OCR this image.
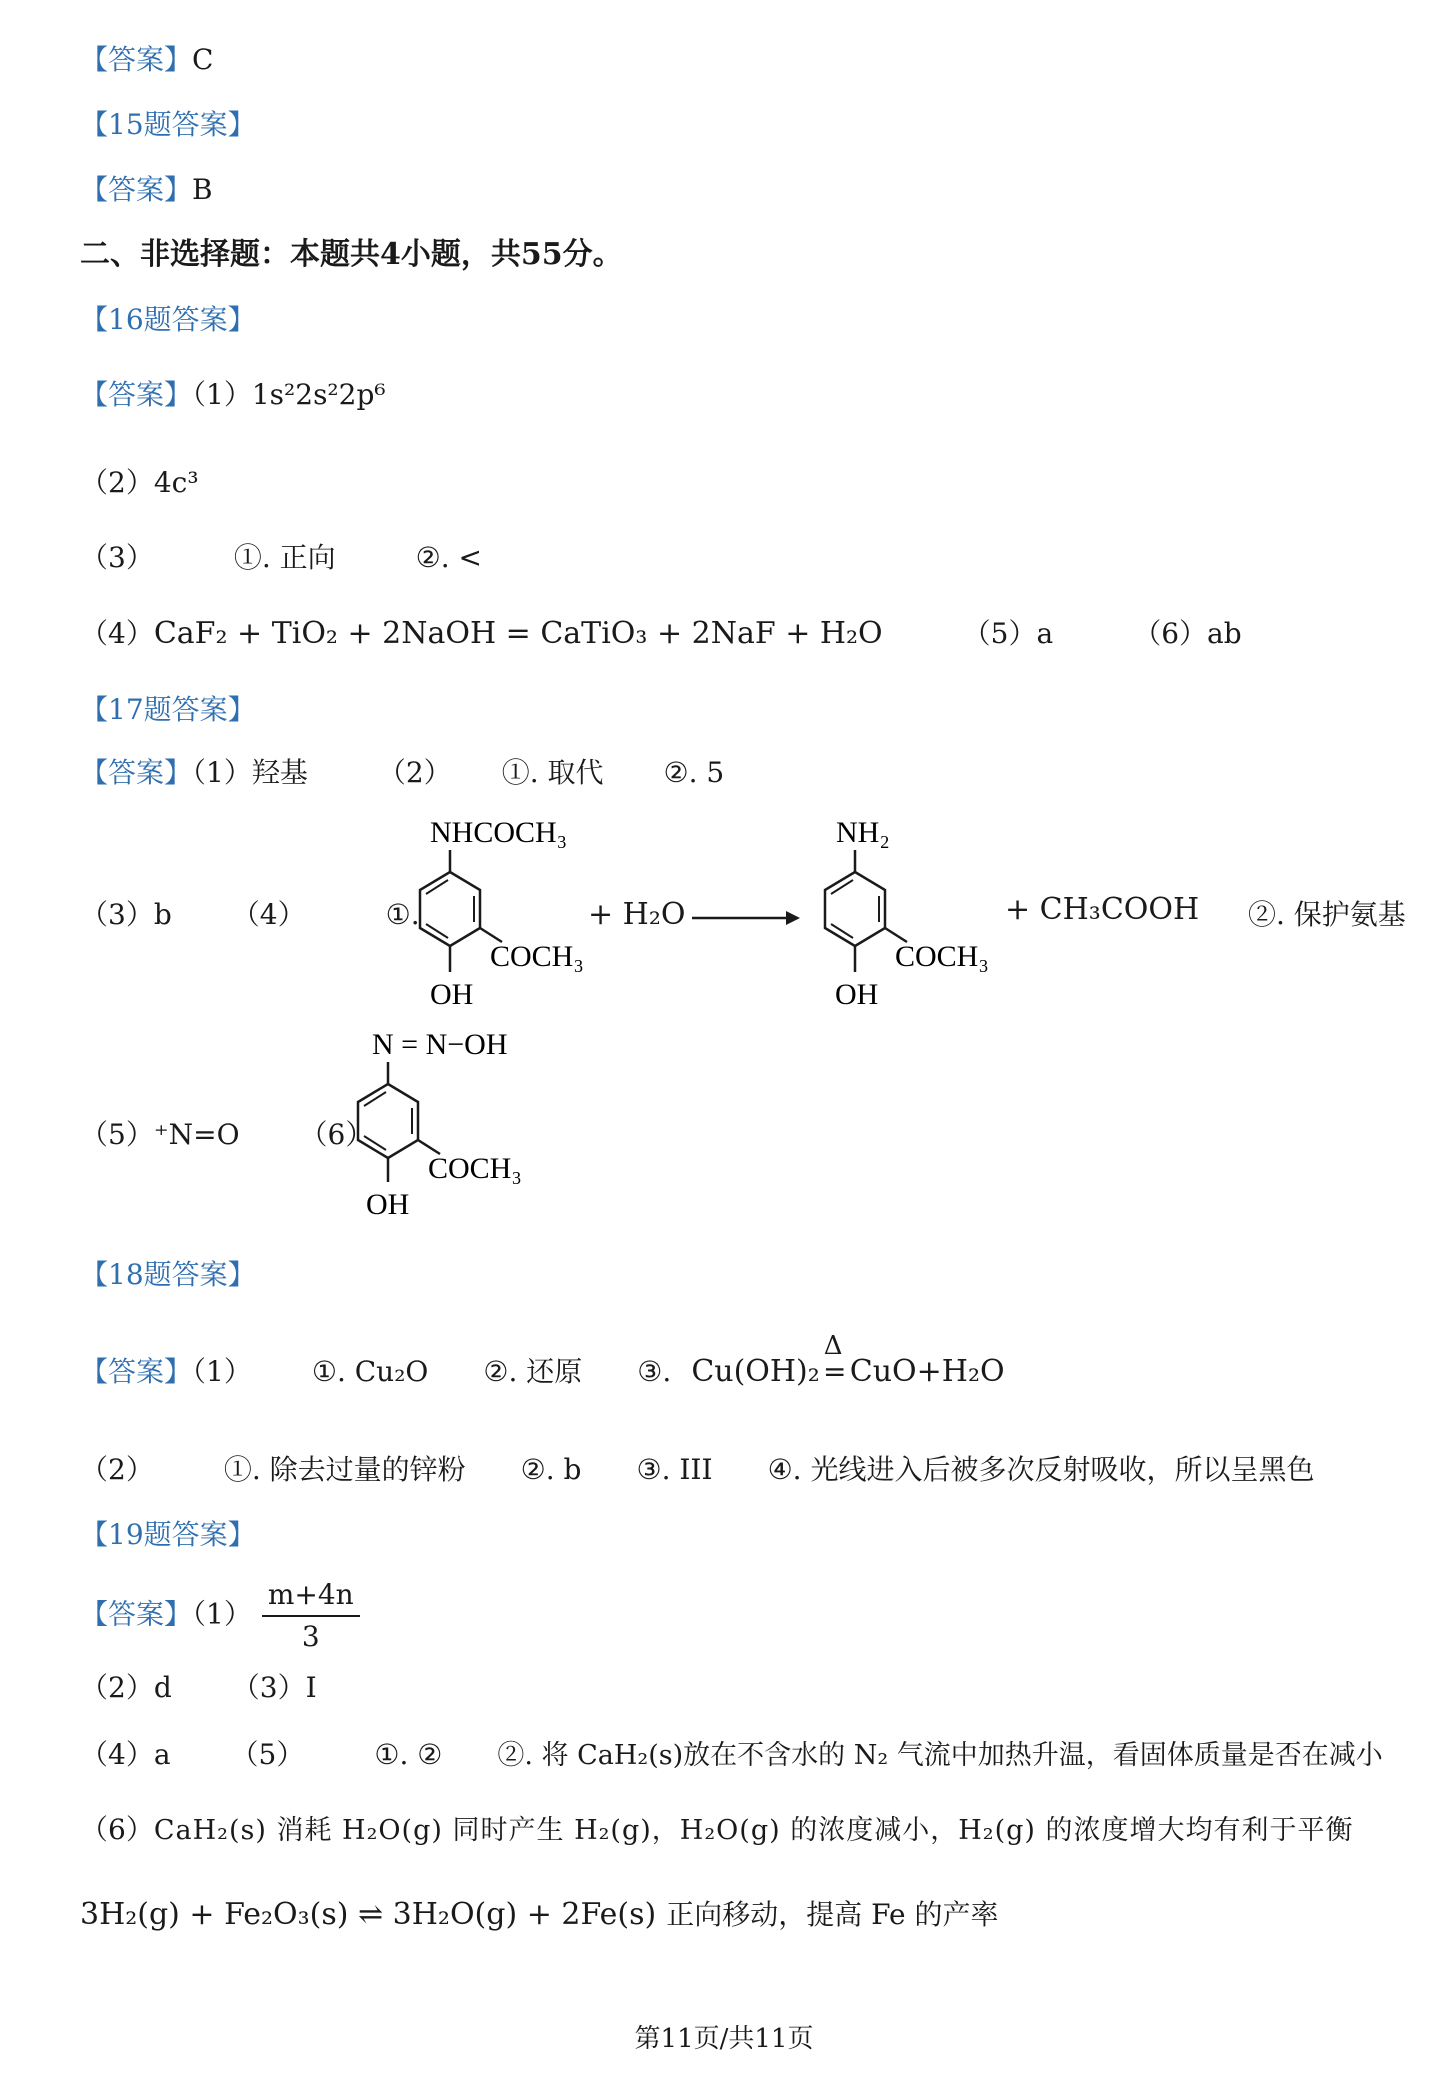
【答案】C
【15题答案】
【答案】B
二、非选择题：本题共4小题，共55分。
【16题答案】
【答案】（1）1s²2s²2p⁶
（2）4c³
（3）	①. 正向	②. <
（4）CaF₂ + TiO₂ + 2NaOH = CaTiO₃ + 2NaF + H₂O	（5）a	（6）ab
【17题答案】
【答案】（1）羟基	（2） ①. 取代 ②. 5
（3）b （4）	①.
NHCOCH₃
COCH₃
OH
+ H₂O
NH₂
COCH₃
OH
+ CH₃COOH ②. 保护氨基
（5）⁺N=O （6）
N = N−OH
COCH₃
OH
【18题答案】
【答案】（1） ①. Cu₂O ②. 还原 ③. Cu(OH)₂
Δ
= CuO+H₂O
（2）	①. 除去过量的锌粉 ②. b ③. III ④. 光线进入后被多次反射吸收，所以呈黑色
【19题答案】
【答案】$(1) \frac{m+4n}{3}$
（2）d （3）I
（4）a （5）	①. ② ②. 将 CaH₂(s)放在不含水的 N₂ 气流中加热升温，看固体质量是否在减小
（6）CaH₂(s) 消耗 H₂O(g) 同时产生 H₂(g)，H₂O(g) 的浓度减小，H₂(g) 的浓度增大均有利于平衡
3H₂(g) + Fe₂O₃(s) ⇌ 3H₂O(g) + 2Fe(s) 正向移动，提高 Fe 的产率
第11页/共11页
